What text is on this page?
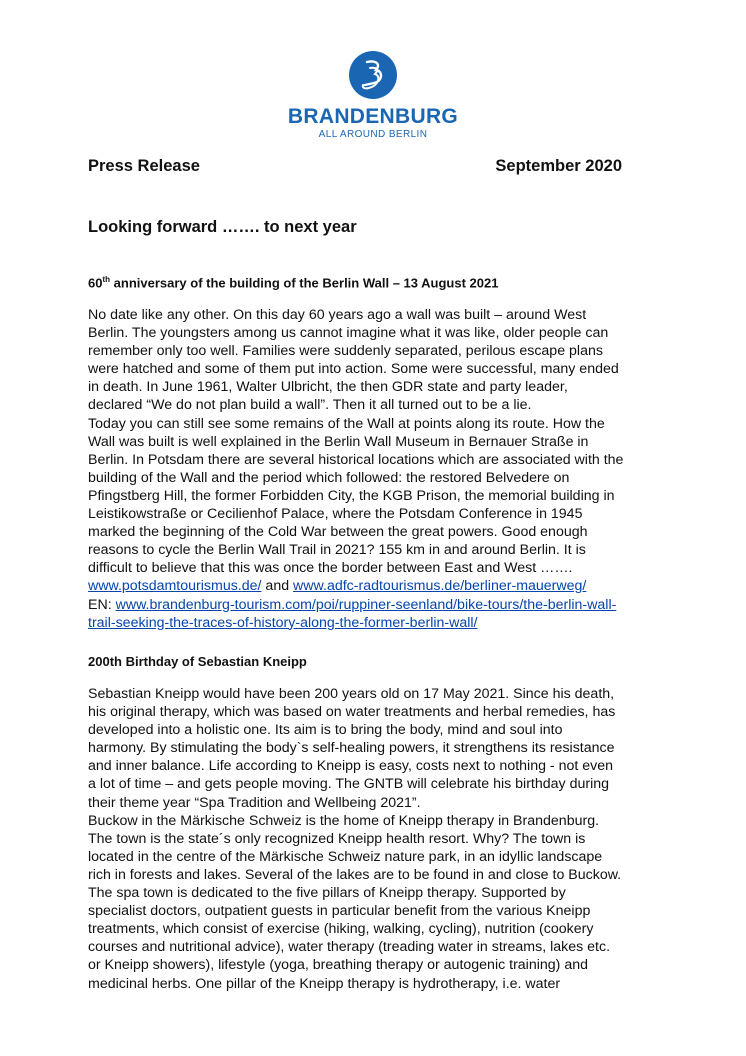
BRANDENBURG
ALL AROUND BERLIN
Press Release	September 2020
Looking forward ……. to next year
60th anniversary of the building of the Berlin Wall – 13 August 2021
No date like any other. On this day 60 years ago a wall was built – around West
Berlin. The youngsters among us cannot imagine what it was like, older people can
remember only too well. Families were suddenly separated, perilous escape plans
were hatched and some of them put into action. Some were successful, many ended
in death. In June 1961, Walter Ulbricht, the then GDR state and party leader,
declared “We do not plan build a wall”. Then it all turned out to be a lie.
Today you can still see some remains of the Wall at points along its route. How the
Wall was built is well explained in the Berlin Wall Museum in Bernauer Straße in
Berlin. In Potsdam there are several historical locations which are associated with the
building of the Wall and the period which followed: the restored Belvedere on
Pfingstberg Hill, the former Forbidden City, the KGB Prison, the memorial building in
Leistikowstraße or Cecilienhof Palace, where the Potsdam Conference in 1945
marked the beginning of the Cold War between the great powers. Good enough
reasons to cycle the Berlin Wall Trail in 2021? 155 km in and around Berlin. It is
difficult to believe that this was once the border between East and West …….
www.potsdamtourismus.de/ and www.adfc-radtourismus.de/berliner-mauerweg/
EN: www.brandenburg-tourism.com/poi/ruppiner-seenland/bike-tours/the-berlin-wall-
trail-seeking-the-traces-of-history-along-the-former-berlin-wall/
200th Birthday of Sebastian Kneipp
Sebastian Kneipp would have been 200 years old on 17 May 2021. Since his death,
his original therapy, which was based on water treatments and herbal remedies, has
developed into a holistic one. Its aim is to bring the body, mind and soul into
harmony. By stimulating the body`s self-healing powers, it strengthens its resistance
and inner balance. Life according to Kneipp is easy, costs next to nothing - not even
a lot of time – and gets people moving. The GNTB will celebrate his birthday during
their theme year “Spa Tradition and Wellbeing 2021”.
Buckow in the Märkische Schweiz is the home of Kneipp therapy in Brandenburg.
The town is the state´s only recognized Kneipp health resort. Why? The town is
located in the centre of the Märkische Schweiz nature park, in an idyllic landscape
rich in forests and lakes. Several of the lakes are to be found in and close to Buckow.
The spa town is dedicated to the five pillars of Kneipp therapy. Supported by
specialist doctors, outpatient guests in particular benefit from the various Kneipp
treatments, which consist of exercise (hiking, walking, cycling), nutrition (cookery
courses and nutritional advice), water therapy (treading water in streams, lakes etc.
or Kneipp showers), lifestyle (yoga, breathing therapy or autogenic training) and
medicinal herbs. One pillar of the Kneipp therapy is hydrotherapy, i.e. water
